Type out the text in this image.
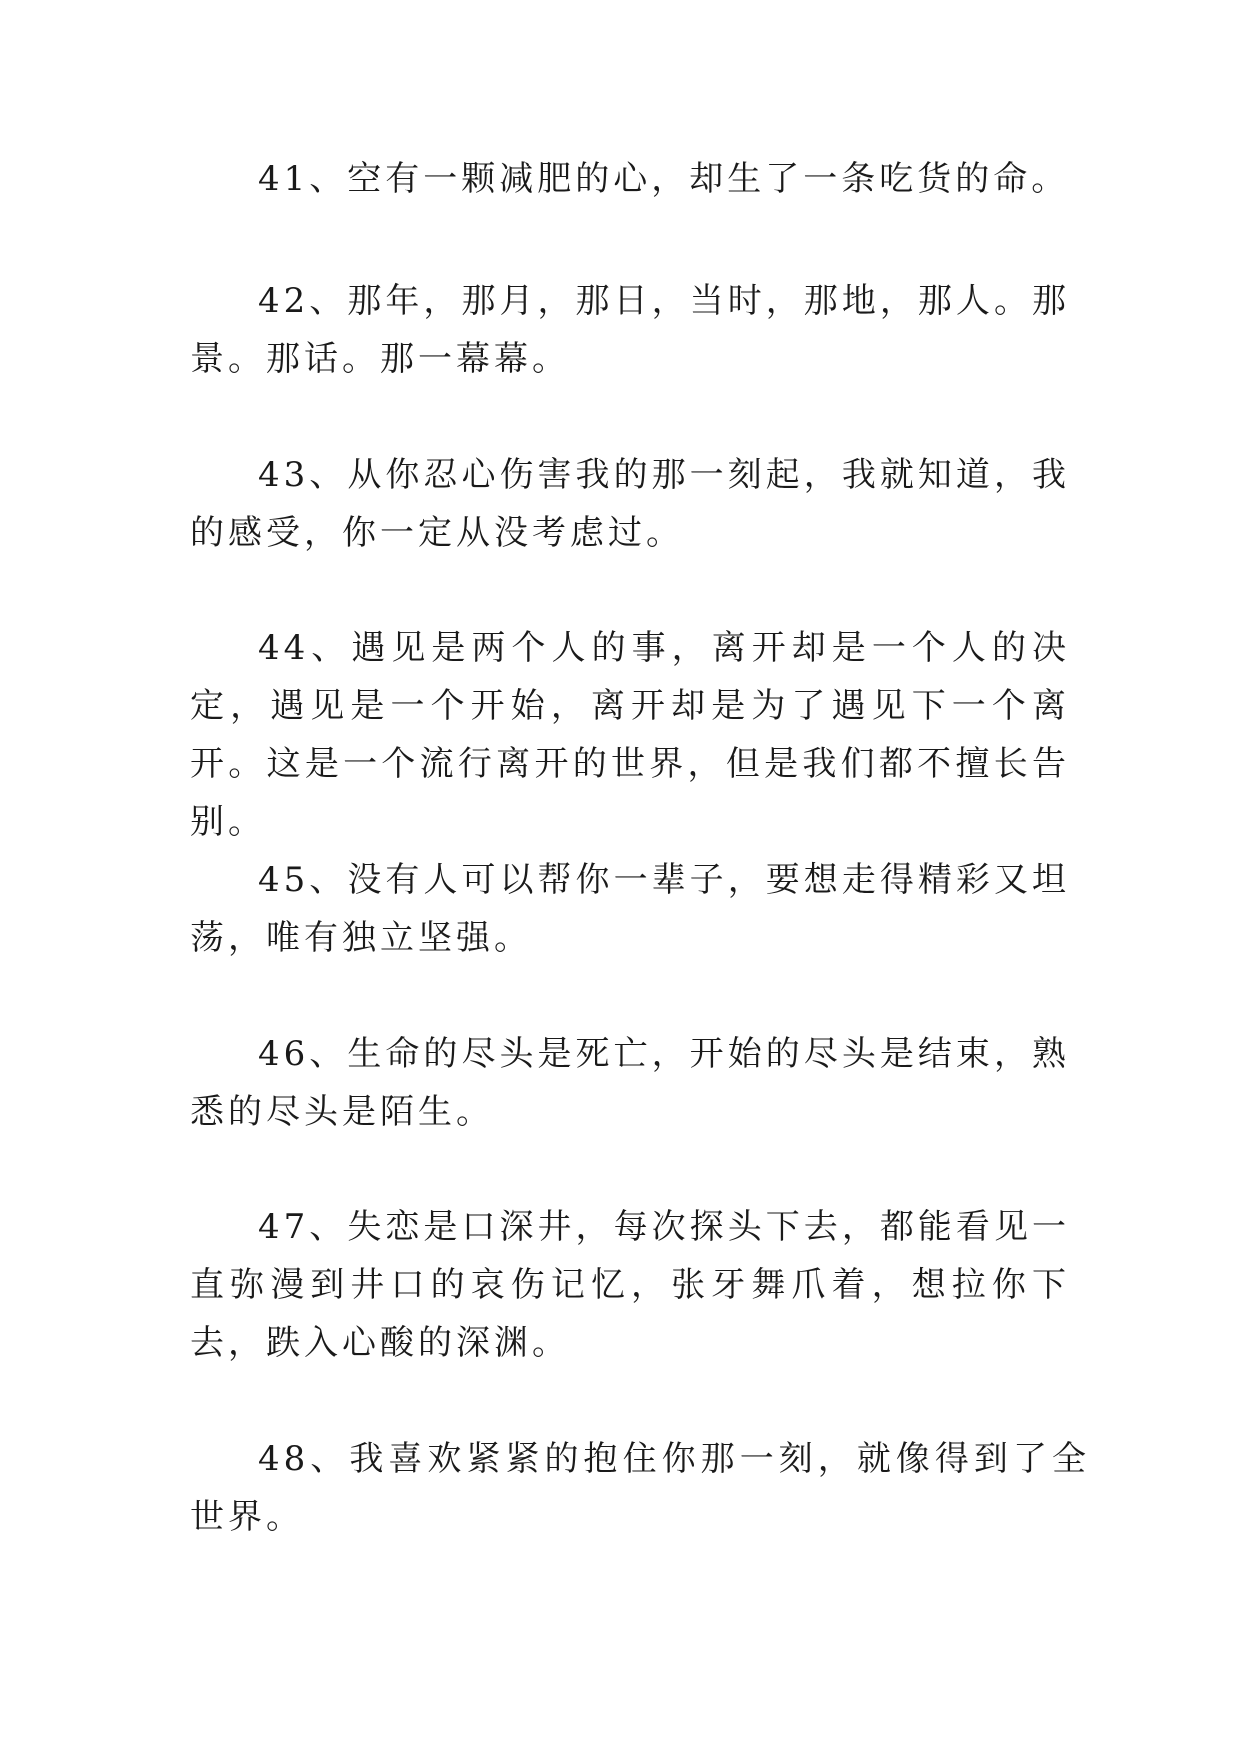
41、空有一颗减肥的心，却生了一条吃货的命。

42、那年，那月，那日，当时，那地，那人。那景。那话。那一幕幕。

43、从你忍心伤害我的那一刻起，我就知道，我的感受，你一定从没考虑过。

44、遇见是两个人的事，离开却是一个人的决定，遇见是一个开始，离开却是为了遇见下一个离开。这是一个流行离开的世界，但是我们都不擅长告别。

45、没有人可以帮你一辈子，要想走得精彩又坦荡，唯有独立坚强。

46、生命的尽头是死亡，开始的尽头是结束，熟悉的尽头是陌生。

47、失恋是口深井，每次探头下去，都能看见一直弥漫到井口的哀伤记忆，张牙舞爪着，想拉你下去，跌入心酸的深渊。

48、我喜欢紧紧的抱住你那一刻，就像得到了全世界。
